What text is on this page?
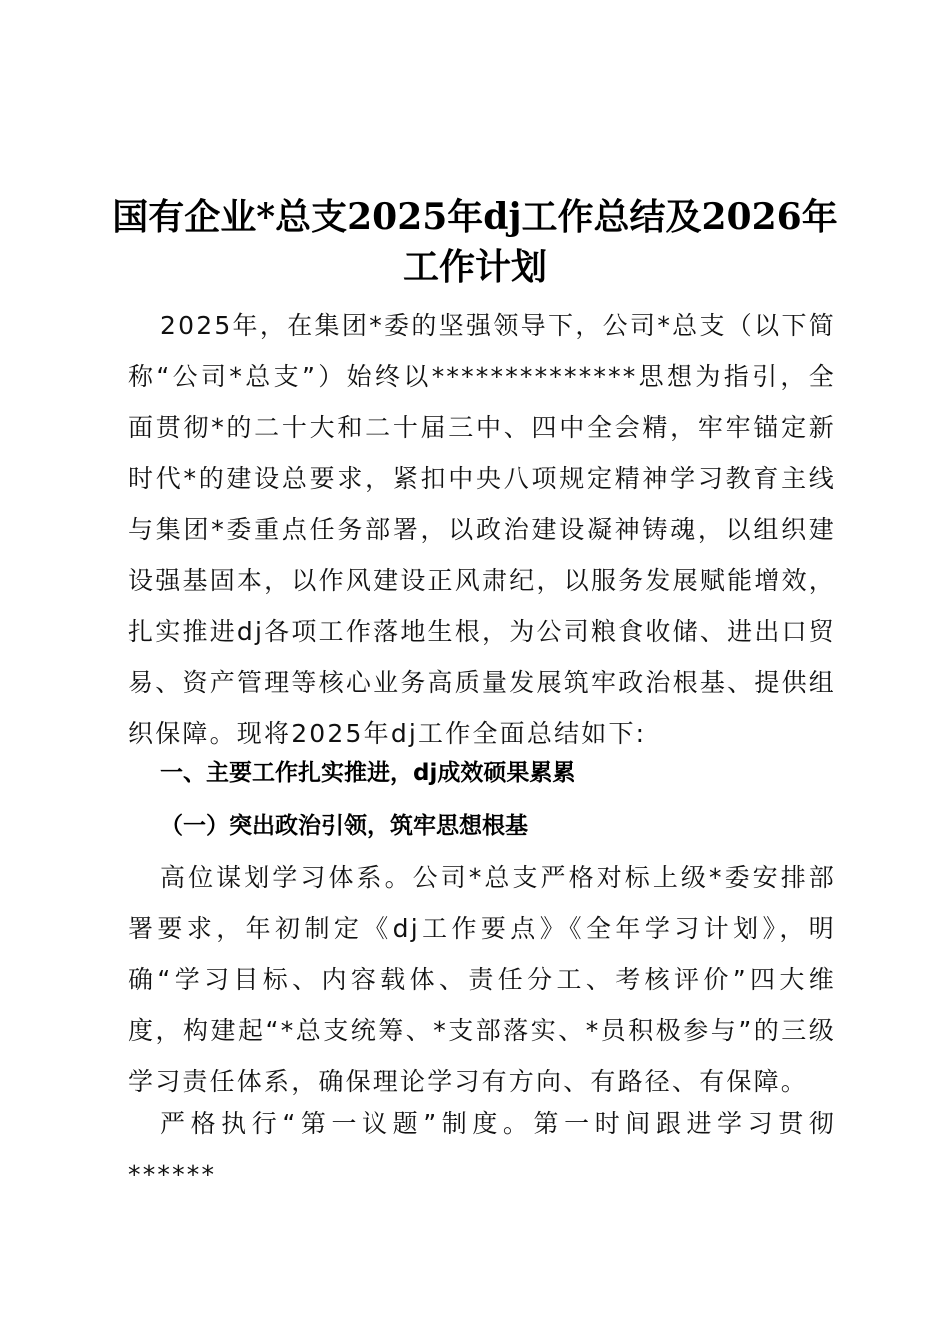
国有企业*总支2025年dj工作总结及2026年
工作计划

2025年，在集团*委的坚强领导下，公司*总支（以下简称“公司*总支”）始终以**************思想为指引，全面贯彻*的二十大和二十届三中、四中全会精，牢牢锚定新时代*的建设总要求，紧扣中央八项规定精神学习教育主线与集团*委重点任务部署，以政治建设凝神铸魂，以组织建设强基固本，以作风建设正风肃纪，以服务发展赋能增效，扎实推进dj各项工作落地生根，为公司粮食收储、进出口贸易、资产管理等核心业务高质量发展筑牢政治根基、提供组织保障。现将2025年dj工作全面总结如下:

一、主要工作扎实推进，dj成效硕果累累
（一）突出政治引领，筑牢思想根基

高位谋划学习体系。公司*总支严格对标上级*委安排部署要求，年初制定《dj工作要点》《全年学习计划》，明确“学习目标、内容载体、责任分工、考核评价”四大维度，构建起“*总支统筹、*支部落实、*员积极参与”的三级学习责任体系，确保理论学习有方向、有路径、有保障。

严格执行“第一议题”制度。第一时间跟进学习贯彻******
